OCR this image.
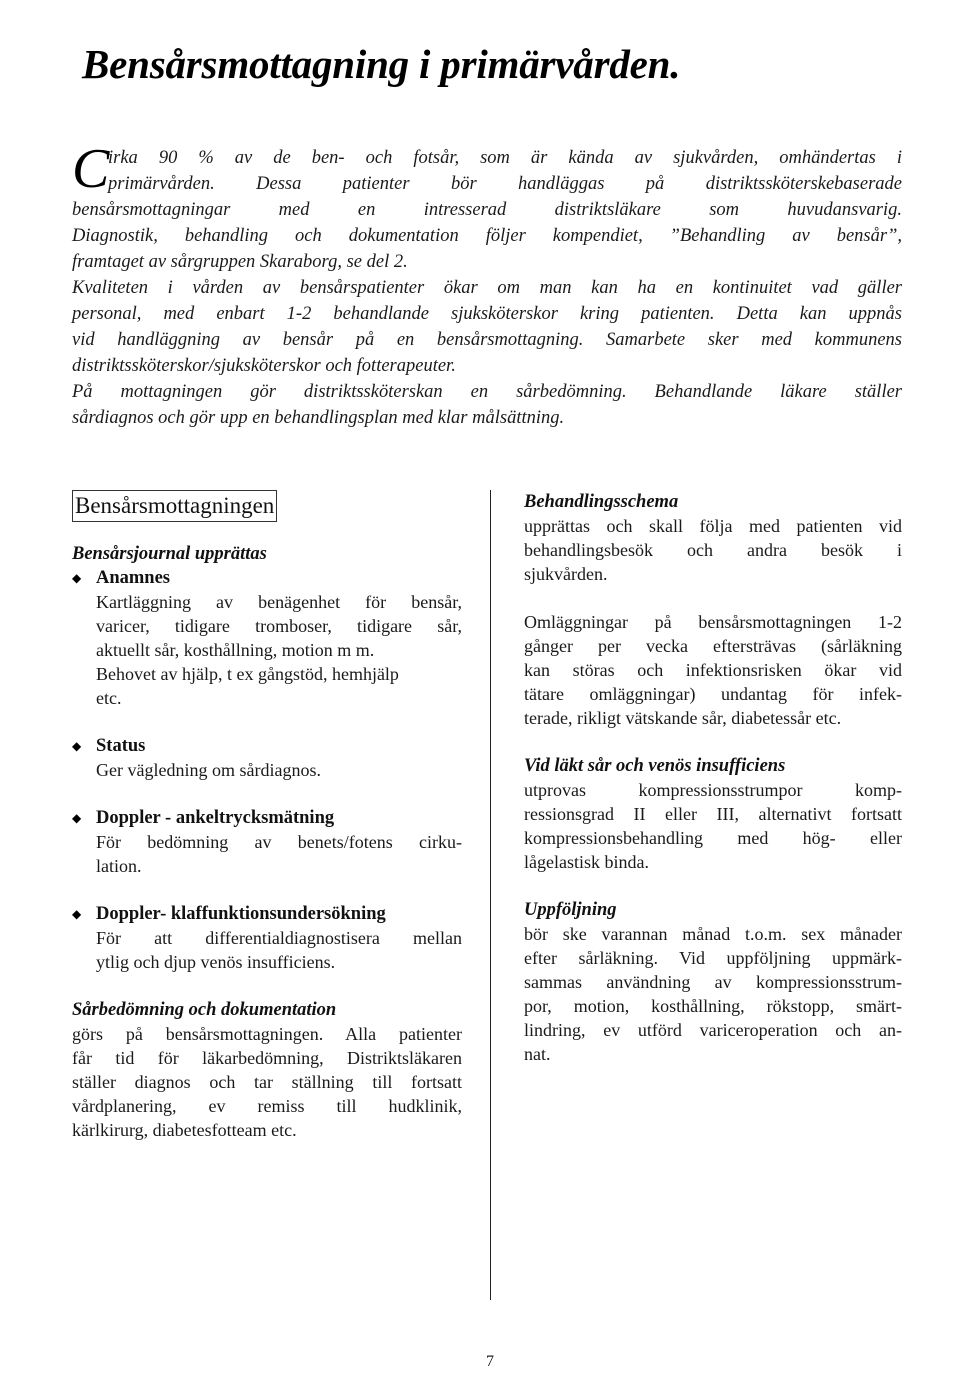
Bensårsmottagning i primärvården.
C
irka 90 % av de ben- och fotsår, som är kända av sjukvården, omhändertas i
primärvården. Dessa patienter bör handläggas på distriktssköterskebaserade
bensårsmottagningar med en intresserad distriktsläkare som huvudansvarig.
Diagnostik, behandling och dokumentation följer kompendiet, ”Behandling av bensår”,
framtaget av sårgruppen Skaraborg, se del 2.
Kvaliteten i vården av bensårspatienter ökar om man kan ha en kontinuitet vad gäller
personal, med enbart 1-2 behandlande sjuksköterskor kring patienten. Detta kan uppnås
vid handläggning av bensår på en bensårsmottagning. Samarbete sker med kommunens
distriktssköterskor/sjuksköterskor och fotterapeuter.
På mottagningen gör distriktssköterskan en sårbedömning. Behandlande läkare ställer
sårdiagnos och gör upp en behandlingsplan med klar målsättning.
Bensårsmottagningen
Bensårsjournal upprättas
◆ Anamnes
Kartläggning av benägenhet för bensår,
varicer, tidigare tromboser, tidigare sår,
aktuellt sår, kosthållning, motion m m.
Behovet av hjälp, t ex gångstöd, hemhjälp
etc.
◆ Status
Ger vägledning om sårdiagnos.
◆ Doppler - ankeltrycksmätning
För bedömning av benets/fotens cirku-
lation.
◆ Doppler- klaffunktionsundersökning
För att differentialdiagnostisera mellan
ytlig och djup venös insufficiens.
Sårbedömning och dokumentation
görs på bensårsmottagningen. Alla patienter
får tid för läkarbedömning, Distriktsläkaren
ställer diagnos och tar ställning till fortsatt
vårdplanering, ev remiss till hudklinik,
kärlkirurg, diabetesfotteam etc.
Behandlingsschema
upprättas och skall följa med patienten vid
behandlingsbesök och andra besök i
sjukvården.
Omläggningar på bensårsmottagningen 1-2
gånger per vecka eftersträvas (sårläkning
kan störas och infektionsrisken ökar vid
tätare omläggningar) undantag för infek-
terade, rikligt vätskande sår, diabetessår etc.
Vid läkt sår och venös insufficiens
utprovas kompressionsstrumpor komp-
ressionsgrad II eller III, alternativt fortsatt
kompressionsbehandling med hög- eller
lågelastisk binda.
Uppföljning
bör ske varannan månad t.o.m. sex månader
efter sårläkning. Vid uppföljning uppmärk-
sammas användning av kompressionsstrum-
por, motion, kosthållning, rökstopp, smärt-
lindring, ev utförd variceroperation och an-
nat.
7
